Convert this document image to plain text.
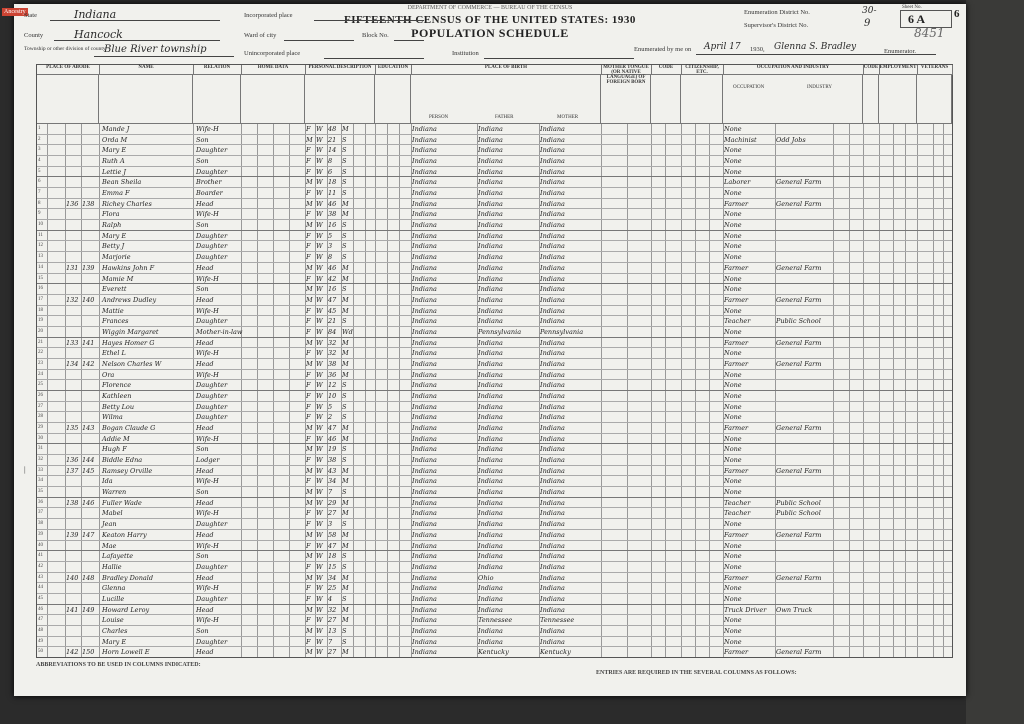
Ancestry
DEPARTMENT OF COMMERCE — BUREAU OF THE CENSUS
FIFTEENTH CENSUS OF THE UNITED STATES: 1930
POPULATION SCHEDULE
State	Indiana
County	Hancock
Township or other division of county
Blue River township
Incorporated place
Ward of city	Block No.
Unincorporated place	Institution
Enumeration District No.	30-
Supervisor's District No.	9
Sheet No.
6 A	6
8451
Enumerated by me on April 17 1930, Glenna S. Bradley	Enumerator.
PLACE OF ABODE	NAME	RELATION	HOME DATA	PERSONAL DESCRIPTION	EDUCATION	PLACE OF BIRTH	MOTHER TONGUE (OR NATIVE LANGUAGE) OF FOREIGN BORN
CODE	CITIZENSHIP, ETC.
OCCUPATION AND INDUSTRY	CODE EMPLOYMENT VETERANS
PERSON	FATHER	MOTHER
OCCUPATION	INDUSTRY
1	Mande J	Wife-H	F W 48 M	Indiana	Indiana	Indiana	None
2	Orda M	Son	M W 21 S	Indiana	Indiana	Indiana	Machinist	Odd Jobs
3	Mary E	Daughter	F W 14 S	Indiana	Indiana	Indiana	None
4	Ruth A	Son	F W 8	S	Indiana	Indiana	Indiana	None
5	Lettie J	Daughter	F W 6	S	Indiana	Indiana	Indiana	None
6	Bean Sheila	Brother	M W 18 S	Indiana	Indiana	Indiana	Laborer	General Farm
7	Emma F	Boarder	F W 11 S	Indiana	Indiana	Indiana	None
8	136 138	Richey Charles	Head	M W 46 M	Indiana	Indiana	Indiana	Farmer	General Farm
9	Flora	Wife-H	F W 38 M	Indiana	Indiana	Indiana	None
10	Ralph	Son	M W 16 S	Indiana	Indiana	Indiana	None
11	Mary E	Daughter	F W 5	S	Indiana	Indiana	Indiana	None
12	Betty J	Daughter	F W 3	S	Indiana	Indiana	Indiana	None
13	Marjorie	Daughter	F W 8	S	Indiana	Indiana	Indiana	None
14	131 139	Hawkins John F	Head	M W 46 M	Indiana	Indiana	Indiana	Farmer	General Farm
15	Mamie M	Wife-H	F W 42 M	Indiana	Indiana	Indiana	None
16	Everett	Son	M W 16 S	Indiana	Indiana	Indiana	None
17	132 140	Andrews Dudley	Head	M W 47 M	Indiana	Indiana	Indiana	Farmer	General Farm
18	Mattie	Wife-H	F W 45 M	Indiana	Indiana	Indiana	None
19	Frances	Daughter	F W 21 S	Indiana	Indiana	Indiana	Teacher	Public School
20	Wiggin Margaret	Mother-in-law	F W 84 Wd	Indiana	Pennsylvania	Pennsylvania	None
21	133 141	Hayes Homer G	Head	M W 32 M	Indiana	Indiana	Indiana	Farmer	General Farm
22	Ethel L	Wife-H	F W 32 M	Indiana	Indiana	Indiana	None
23	134 142	Nelson Charles W	Head	M W 38 M	Indiana	Indiana	Indiana	Farmer	General Farm
24	Ora	Wife-H	F W 36 M	Indiana	Indiana	Indiana	None
25	Florence	Daughter	F W 12 S	Indiana	Indiana	Indiana	None
26	Kathleen	Daughter	F W 10 S	Indiana	Indiana	Indiana	None
27	Betty Lou	Daughter	F W 5	S	Indiana	Indiana	Indiana	None
28	Wilma	Daughter	F W 2	S	Indiana	Indiana	Indiana	None
29	135 143	Bogan Claude G	Head	M W 47 M	Indiana	Indiana	Indiana	Farmer	General Farm
30	Addie M	Wife-H	F W 46 M	Indiana	Indiana	Indiana	None
31	Hugh F	Son	M W 19 S	Indiana	Indiana	Indiana	None
32	136 144	Biddle Edna	Lodger	F W 38 S	Indiana	Indiana	Indiana	None
33	137 145	Ramsey Orville	Head	M W 43 M	Indiana	Indiana	Indiana	Farmer	General Farm
34	Ida	Wife-H	F W 34 M	Indiana	Indiana	Indiana	None
35	Warren	Son	M W 7	S	Indiana	Indiana	Indiana	None
36	138 146	Fuller Wade	Head	M W 29 M	Indiana	Indiana	Indiana	Teacher	Public School
37	Mabel	Wife-H	F W 27 M	Indiana	Indiana	Indiana	Teacher	Public School
38	Jean	Daughter	F W 3	S	Indiana	Indiana	Indiana	None
39	139 147	Keaton Harry	Head	M W 58 M	Indiana	Indiana	Indiana	Farmer	General Farm
40	Mae	Wife-H	F W 47 M	Indiana	Indiana	Indiana	None
41	Lafayette	Son	M W 18 S	Indiana	Indiana	Indiana	None
42	Hallie	Daughter	F W 15 S	Indiana	Indiana	Indiana	None
43	140 148	Bradley Donald	Head	M W 34 M	Indiana	Ohio	Indiana	Farmer	General Farm
44	Glenna	Wife-H	F W 25 M	Indiana	Indiana	Indiana	None
45	Lucille	Daughter	F W 4	S	Indiana	Indiana	Indiana	None
46	141 149	Howard Leroy	Head	M W 32 M	Indiana	Indiana	Indiana	Truck Driver	Own Truck
47	Louise	Wife-H	F W 27 M	Indiana	Tennessee	Tennessee	None
48	Charles	Son	M W 13 S	Indiana	Indiana	Indiana	None
49	Mary E	Daughter	F W 7	S	Indiana	Indiana	Indiana	None
50	142 150	Horn Lowell E	Head	M W 27 M	Indiana	Kentucky	Kentucky	Farmer	General Farm
ABBREVIATIONS TO BE USED IN COLUMNS INDICATED:
ENTRIES ARE REQUIRED IN THE SEVERAL COLUMNS AS FOLLOWS:
—
